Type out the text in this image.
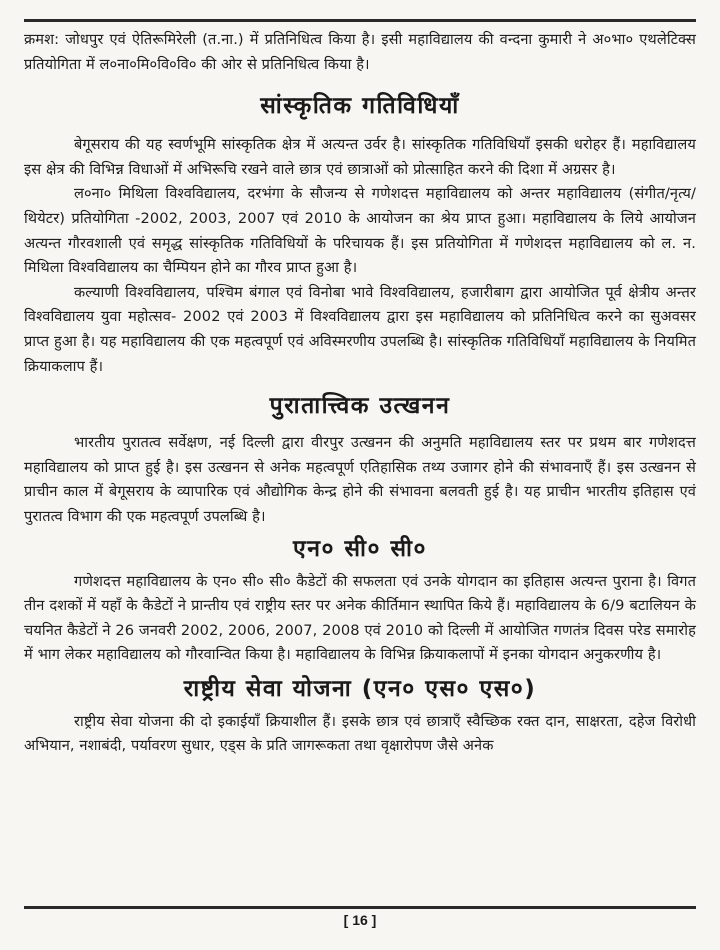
क्रमश: जोधपुर एवं ऐतिरूमिरेली (त.ना.) में प्रतिनिधित्व किया है। इसी महाविद्यालय की वन्दना कुमारी ने अ०भा० एथलेटिक्स प्रतियोगिता में ल०ना०मि०वि०वि० की ओर से प्रतिनिधित्व किया है।

सांस्कृतिक गतिविधियाँ

बेगूसराय की यह स्वर्णभूमि सांस्कृतिक क्षेत्र में अत्यन्त उर्वर है। सांस्कृतिक गतिविधियाँ इसकी धरोहर हैं। महाविद्यालय इस क्षेत्र की विभिन्न विधाओं में अभिरूचि रखने वाले छात्र एवं छात्राओं को प्रोत्साहित करने की दिशा में अग्रसर है।

ल०ना० मिथिला विश्वविद्यालय, दरभंगा के सौजन्य से गणेशदत्त महाविद्यालय को अन्तर महाविद्यालय (संगीत/नृत्य/थियेटर) प्रतियोगिता -2002, 2003, 2007 एवं 2010 के आयोजन का श्रेय प्राप्त हुआ। महाविद्यालय के लिये आयोजन अत्यन्त गौरवशाली एवं समृद्ध सांस्कृतिक गतिविधियों के परिचायक हैं। इस प्रतियोगिता में गणेशदत्त महाविद्यालय को ल. न. मिथिला विश्वविद्यालय का चैम्पियन होने का गौरव प्राप्त हुआ है।

कल्याणी विश्वविद्यालय, पश्चिम बंगाल एवं विनोबा भावे विश्वविद्यालय, हजारीबाग द्वारा आयोजित पूर्व क्षेत्रीय अन्तर विश्वविद्यालय युवा महोत्सव- 2002 एवं 2003 में विश्वविद्यालय द्वारा इस महाविद्यालय को प्रतिनिधित्व करने का सुअवसर प्राप्त हुआ है। यह महाविद्यालय की एक महत्वपूर्ण एवं अविस्मरणीय उपलब्धि है। सांस्कृतिक गतिविधियाँ महाविद्यालय के नियमित क्रियाकलाप हैं।

पुरातात्त्विक उत्खनन

भारतीय पुरातत्व सर्वेक्षण, नई दिल्ली द्वारा वीरपुर उत्खनन की अनुमति महाविद्यालय स्तर पर प्रथम बार गणेशदत्त महाविद्यालय को प्राप्त हुई है। इस उत्खनन से अनेक महत्वपूर्ण एतिहासिक तथ्य उजागर होने की संभावनाएँ हैं। इस उत्खनन से प्राचीन काल में बेगूसराय के व्यापारिक एवं औद्योगिक केन्द्र होने की संभावना बलवती हुई है। यह प्राचीन भारतीय इतिहास एवं पुरातत्व विभाग की एक महत्वपूर्ण उपलब्धि है।

एन० सी० सी०

गणेशदत्त महाविद्यालय के एन० सी० सी० कैडेटों की सफलता एवं उनके योगदान का इतिहास अत्यन्त पुराना है। विगत तीन दशकों में यहाँ के कैडेटों ने प्रान्तीय एवं राष्ट्रीय स्तर पर अनेक कीर्तिमान स्थापित किये हैं। महाविद्यालय के 6/9 बटालियन के चयनित कैडेटों ने 26 जनवरी 2002, 2006, 2007, 2008 एवं 2010 को दिल्ली में आयोजित गणतंत्र दिवस परेड समारोह में भाग लेकर महाविद्यालय को गौरवान्वित किया है। महाविद्यालय के विभिन्न क्रियाकलापों में इनका योगदान अनुकरणीय है।

राष्ट्रीय सेवा योजना (एन० एस० एस०)

राष्ट्रीय सेवा योजना की दो इकाईयाँ क्रियाशील हैं। इसके छात्र एवं छात्राएँ स्वैच्छिक रक्त दान, साक्षरता, दहेज विरोधी अभियान, नशाबंदी, पर्यावरण सुधार, एड्स के प्रति जागरूकता तथा वृक्षारोपण जैसे अनेक

[ 16 ]
